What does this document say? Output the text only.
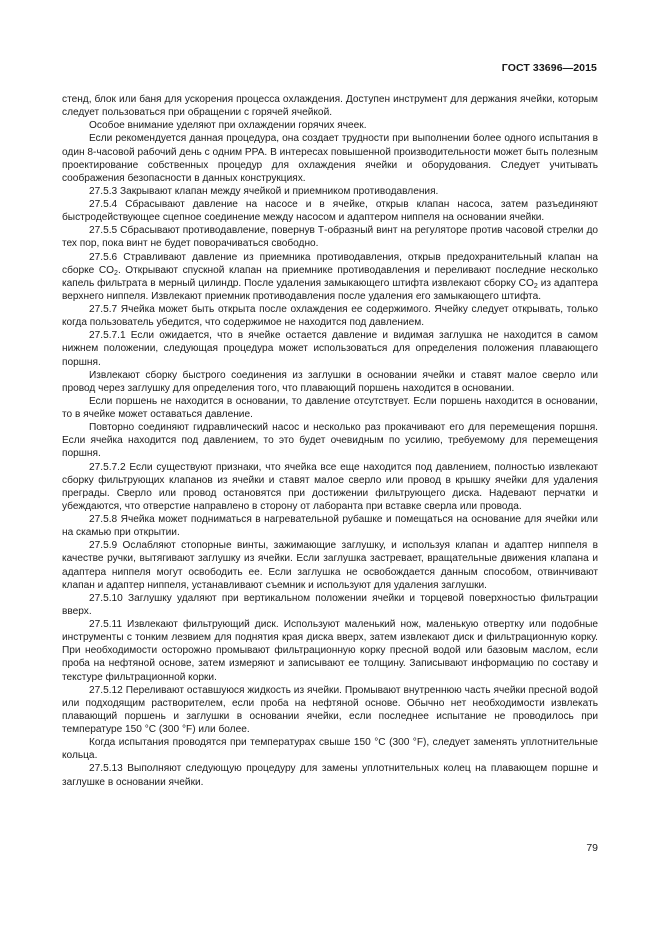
ГОСТ 33696—2015

стенд, блок или баня для ускорения процесса охлаждения. Доступен инструмент для держания ячейки, которым следует пользоваться при обращении с горячей ячейкой.

Особое внимание уделяют при охлаждении горячих ячеек.

Если рекомендуется данная процедура, она создает трудности при выполнении более одного испытания в один 8-часовой рабочий день с одним PPA. В интересах повышенной производительности может быть полезным проектирование собственных процедур для охлаждения ячейки и оборудования. Следует учитывать соображения безопасности в данных конструкциях.

27.5.3 Закрывают клапан между ячейкой и приемником противодавления.

27.5.4 Сбрасывают давление на насосе и в ячейке, открыв клапан насоса, затем разъединяют быстродействующее сцепное соединение между насосом и адаптером ниппеля на основании ячейки.

27.5.5 Сбрасывают противодавление, повернув Т-образный винт на регуляторе против часовой стрелки до тех пор, пока винт не будет поворачиваться свободно.

27.5.6 Стравливают давление из приемника противодавления, открыв предохранительный клапан на сборке $CO_2$. Открывают спускной клапан на приемнике противодавления и переливают последние несколько капель фильтрата в мерный цилиндр. После удаления замыкающего штифта извлекают сборку $CO_2$ из адаптера верхнего ниппеля. Извлекают приемник противодавления после удаления его замыкающего штифта.

27.5.7 Ячейка может быть открыта после охлаждения ее содержимого. Ячейку следует открывать, только когда пользователь убедится, что содержимое не находится под давлением.

27.5.7.1 Если ожидается, что в ячейке остается давление и видимая заглушка не находится в самом нижнем положении, следующая процедура может использоваться для определения положения плавающего поршня.

Извлекают сборку быстрого соединения из заглушки в основании ячейки и ставят малое сверло или провод через заглушку для определения того, что плавающий поршень находится в основании.

Если поршень не находится в основании, то давление отсутствует. Если поршень находится в основании, то в ячейке может оставаться давление.

Повторно соединяют гидравлический насос и несколько раз прокачивают его для перемещения поршня. Если ячейка находится под давлением, то это будет очевидным по усилию, требуемому для перемещения поршня.

27.5.7.2 Если существуют признаки, что ячейка все еще находится под давлением, полностью извлекают сборку фильтрующих клапанов из ячейки и ставят малое сверло или провод в крышку ячейки для удаления преграды. Сверло или провод остановятся при достижении фильтрующего диска. Надевают перчатки и убеждаются, что отверстие направлено в сторону от лаборанта при вставке сверла или провода.

27.5.8 Ячейка может подниматься в нагревательной рубашке и помещаться на основание для ячейки или на скамью при открытии.

27.5.9 Ослабляют стопорные винты, зажимающие заглушку, и используя клапан и адаптер ниппеля в качестве ручки, вытягивают заглушку из ячейки. Если заглушка застревает, вращательные движения клапана и адаптера ниппеля могут освободить ее. Если заглушка не освобождается данным способом, отвинчивают клапан и адаптер ниппеля, устанавливают съемник и используют для удаления заглушки.

27.5.10 Заглушку удаляют при вертикальном положении ячейки и торцевой поверхностью фильтрации вверх.

27.5.11 Извлекают фильтрующий диск. Используют маленький нож, маленькую отвертку или подобные инструменты с тонким лезвием для поднятия края диска вверх, затем извлекают диск и фильтрационную корку. При необходимости осторожно промывают фильтрационную корку пресной водой или базовым маслом, если проба на нефтяной основе, затем измеряют и записывают ее толщину. Записывают информацию по составу и текстуре фильтрационной корки.

27.5.12 Переливают оставшуюся жидкость из ячейки. Промывают внутреннюю часть ячейки пресной водой или подходящим растворителем, если проба на нефтяной основе. Обычно нет необходимости извлекать плавающий поршень и заглушки в основании ячейки, если последнее испытание не проводилось при температуре 150 °С (300 °F) или более.

Когда испытания проводятся при температурах свыше 150 °С (300 °F), следует заменять уплотнительные кольца.

27.5.13 Выполняют следующую процедуру для замены уплотнительных колец на плавающем поршне и заглушке в основании ячейки.

79
